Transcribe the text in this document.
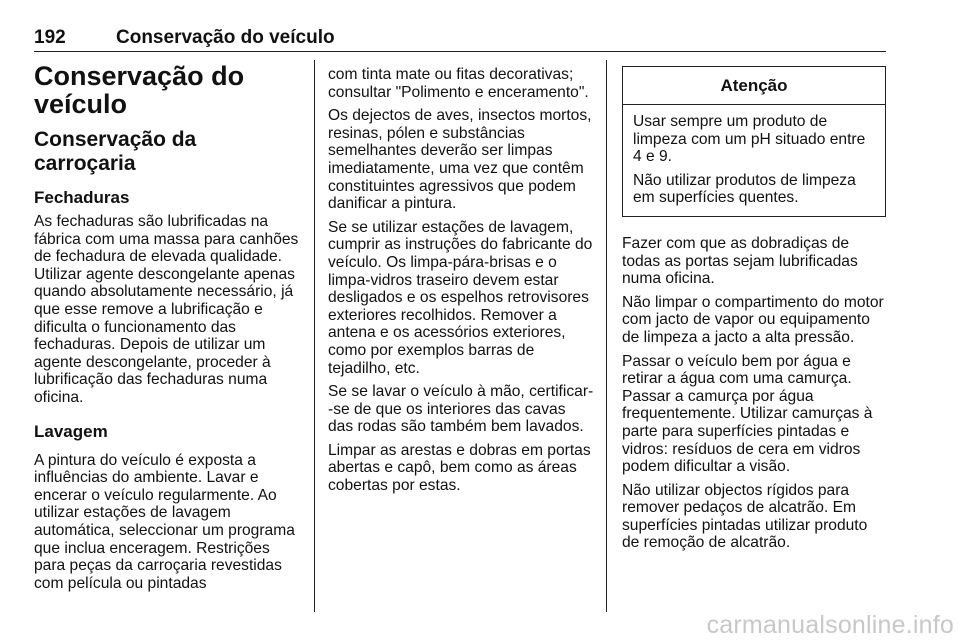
192	Conservação do veículo
Conservação do veículo
Conservação da carroçaria
Fechaduras

As fechaduras são lubrificadas na fábrica com uma massa para canhões de fechadura de elevada qualidade. Utilizar agente descongelante apenas quando absolutamente necessário, já que esse remove a lubrificação e dificulta o funcionamento das fechaduras. Depois de utilizar um agente descongelante, proceder à lubrificação das fechaduras numa oficina.

Lavagem

A pintura do veículo é exposta a influências do ambiente. Lavar e encerar o veículo regularmente. Ao utilizar estações de lavagem automática, seleccionar um programa que inclua enceragem. Restrições para peças da carroçaria revestidas com película ou pintadas

com tinta mate ou fitas decorativas; consultar "Polimento e enceramento".

Os dejectos de aves, insectos mortos, resinas, pólen e substâncias semelhantes deverão ser limpas imediatamente, uma vez que contêm constituintes agressivos que podem danificar a pintura.

Se se utilizar estações de lavagem, cumprir as instruções do fabricante do veículo. Os limpa-pára-brisas e o limpa-vidros traseiro devem estar desligados e os espelhos retrovisores exteriores recolhidos. Remover a antena e os acessórios exteriores, como por exemplos barras de tejadilho, etc.

Se se lavar o veículo à mão, certificar--se de que os interiores das cavas das rodas são também bem lavados.

Limpar as arestas e dobras em portas abertas e capô, bem como as áreas cobertas por estas.

Atenção

Usar sempre um produto de limpeza com um pH situado entre 4 e 9.

Não utilizar produtos de limpeza em superfícies quentes.

Fazer com que as dobradiças de todas as portas sejam lubrificadas numa oficina.

Não limpar o compartimento do motor com jacto de vapor ou equipamento de limpeza a jacto a alta pressão.

Passar o veículo bem por água e retirar a água com uma camurça. Passar a camurça por água frequentemente. Utilizar camurças à parte para superfícies pintadas e vidros: resíduos de cera em vidros podem dificultar a visão.

Não utilizar objectos rígidos para remover pedaços de alcatrão. Em superfícies pintadas utilizar produto de remoção de alcatrão.

carmanualsonline.info
